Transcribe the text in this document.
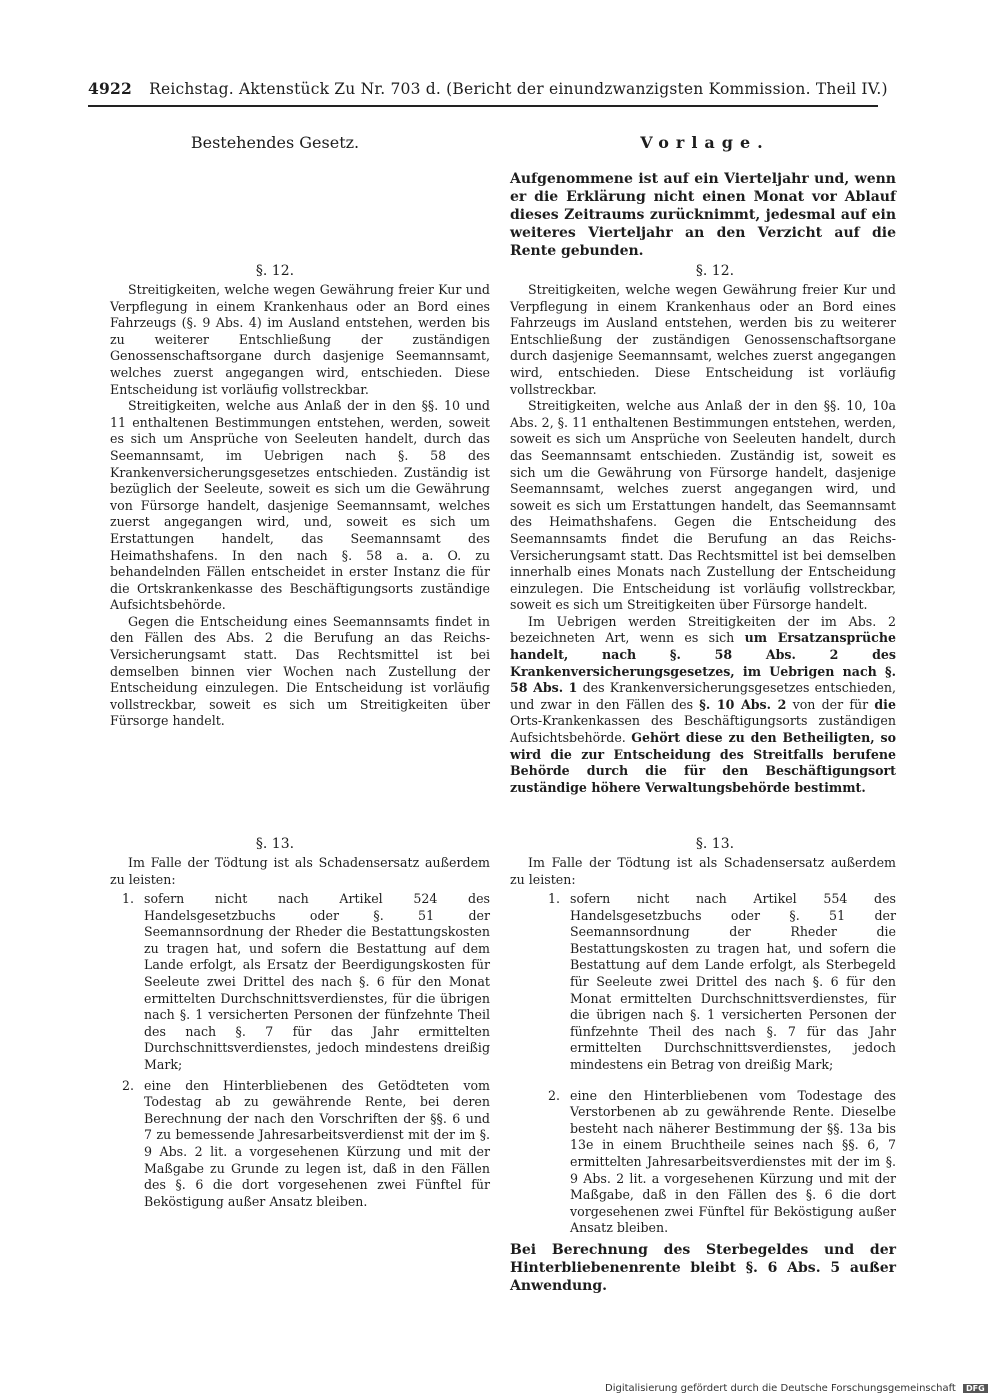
4922 Reichstag. Aktenstück Zu Nr. 703 d. (Bericht der einundzwanzigsten Kommission. Theil IV.)
Bestehendes Gesetz.	Vorlage.
Aufgenommene ist auf ein Vierteljahr und, wenn er die Erklärung nicht einen Monat vor Ablauf dieses Zeitraums zurücknimmt, jedesmal auf ein weiteres Vierteljahr an den Verzicht auf die Rente gebunden.
§. 12.

Streitigkeiten, welche wegen Gewährung freier Kur und Verpflegung in einem Krankenhaus oder an Bord eines Fahrzeugs (§. 9 Abs. 4) im Ausland entstehen, werden bis zu weiterer Entschließung der zuständigen Genossenschaftsorgane durch dasjenige Seemannsamt, welches zuerst angegangen wird, entschieden. Diese Entscheidung ist vorläufig vollstreckbar.

Streitigkeiten, welche aus Anlaß der in den §§. 10 und 11 enthaltenen Bestimmungen entstehen, werden, soweit es sich um Ansprüche von Seeleuten handelt, durch das Seemannsamt, im Uebrigen nach §. 58 des Krankenversicherungsgesetzes entschieden. Zuständig ist bezüglich der Seeleute, soweit es sich um die Gewährung von Fürsorge handelt, dasjenige Seemannsamt, welches zuerst angegangen wird, und, soweit es sich um Erstattungen handelt, das Seemannsamt des Heimathshafens. In den nach §. 58 a. a. O. zu behandelnden Fällen entscheidet in erster Instanz die für die Ortskrankenkasse des Beschäftigungsorts zuständige Aufsichtsbehörde.

Gegen die Entscheidung eines Seemannsamts findet in den Fällen des Abs. 2 die Berufung an das Reichs-Versicherungsamt statt. Das Rechtsmittel ist bei demselben binnen vier Wochen nach Zustellung der Entscheidung einzulegen. Die Entscheidung ist vorläufig vollstreckbar, soweit es sich um Streitigkeiten über Fürsorge handelt.

§. 12.

Streitigkeiten, welche wegen Gewährung freier Kur und Verpflegung in einem Krankenhaus oder an Bord eines Fahrzeugs im Ausland entstehen, werden bis zu weiterer Entschließung der zuständigen Genossenschaftsorgane durch dasjenige Seemannsamt, welches zuerst angegangen wird, entschieden. Diese Entscheidung ist vorläufig vollstreckbar.

Streitigkeiten, welche aus Anlaß der in den §§. 10, 10a Abs. 2, §. 11 enthaltenen Bestimmungen entstehen, werden, soweit es sich um Ansprüche von Seeleuten handelt, durch das Seemannsamt entschieden. Zuständig ist, soweit es sich um die Gewährung von Fürsorge handelt, dasjenige Seemannsamt, welches zuerst angegangen wird, und soweit es sich um Erstattungen handelt, das Seemannsamt des Heimathshafens. Gegen die Entscheidung des Seemannsamts findet die Berufung an das Reichs-Versicherungsamt statt. Das Rechtsmittel ist bei demselben innerhalb eines Monats nach Zustellung der Entscheidung einzulegen. Die Entscheidung ist vorläufig vollstreckbar, soweit es sich um Streitigkeiten über Fürsorge handelt.

Im Uebrigen werden Streitigkeiten der im Abs. 2 bezeichneten Art, wenn es sich um Ersatzansprüche handelt, nach §. 58 Abs. 2 des Krankenversicherungsgesetzes, im Uebrigen nach §. 58 Abs. 1 des Krankenversicherungsgesetzes entschieden, und zwar in den Fällen des §. 10 Abs. 2 von der für die Orts-Krankenkassen des Beschäftigungsorts zuständigen Aufsichtsbehörde. Gehört diese zu den Betheiligten, so wird die zur Entscheidung des Streitfalls berufene Behörde durch die für den Beschäftigungsort zuständige höhere Verwaltungsbehörde bestimmt.

§. 13.

Im Falle der Tödtung ist als Schadensersatz außerdem zu leisten:

1. sofern nicht nach Artikel 524 des Handelsgesetzbuchs oder §. 51 der Seemannsordnung der Rheder die Bestattungskosten zu tragen hat, und sofern die Bestattung auf dem Lande erfolgt, als Ersatz der Beerdigungskosten für Seeleute zwei Drittel des nach §. 6 für den Monat ermittelten Durchschnittsverdienstes, für die übrigen nach §. 1 versicherten Personen der fünfzehnte Theil des nach §. 7 für das Jahr ermittelten Durchschnittsverdienstes, jedoch mindestens dreißig Mark;
2. eine den Hinterbliebenen des Getödteten vom Todestag ab zu gewährende Rente, bei deren Berechnung der nach den Vorschriften der §§. 6 und 7 zu bemessende Jahresarbeitsverdienst mit der im §. 9 Abs. 2 lit. a vorgesehenen Kürzung und mit der Maßgabe zu Grunde zu legen ist, daß in den Fällen des §. 6 die dort vorgesehenen zwei Fünftel für Beköstigung außer Ansatz bleiben.
§. 13.

Im Falle der Tödtung ist als Schadensersatz außerdem zu leisten:

1. sofern nicht nach Artikel 554 des Handelsgesetzbuchs oder §. 51 der Seemannsordnung der Rheder die Bestattungskosten zu tragen hat, und sofern die Bestattung auf dem Lande erfolgt, als Sterbegeld für Seeleute zwei Drittel des nach §. 6 für den Monat ermittelten Durchschnittsverdienstes, für die übrigen nach §. 1 versicherten Personen der fünfzehnte Theil des nach §. 7 für das Jahr ermittelten Durchschnittsverdienstes, jedoch mindestens ein Betrag von dreißig Mark;
2. eine den Hinterbliebenen vom Todestage des Verstorbenen ab zu gewährende Rente. Dieselbe besteht nach näherer Bestimmung der §§. 13a bis 13e in einem Bruchtheile seines nach §§. 6, 7 ermittelten Jahresarbeitsverdienstes mit der im §. 9 Abs. 2 lit. a vorgesehenen Kürzung und mit der Maßgabe, daß in den Fällen des §. 6 die dort vorgesehenen zwei Fünftel für Beköstigung außer Ansatz bleiben.
Bei Berechnung des Sterbegeldes und der Hinterbliebenenrente bleibt §. 6 Abs. 5 außer Anwendung.
Digitalisierung gefördert durch die Deutsche Forschungsgemeinschaft DFG
